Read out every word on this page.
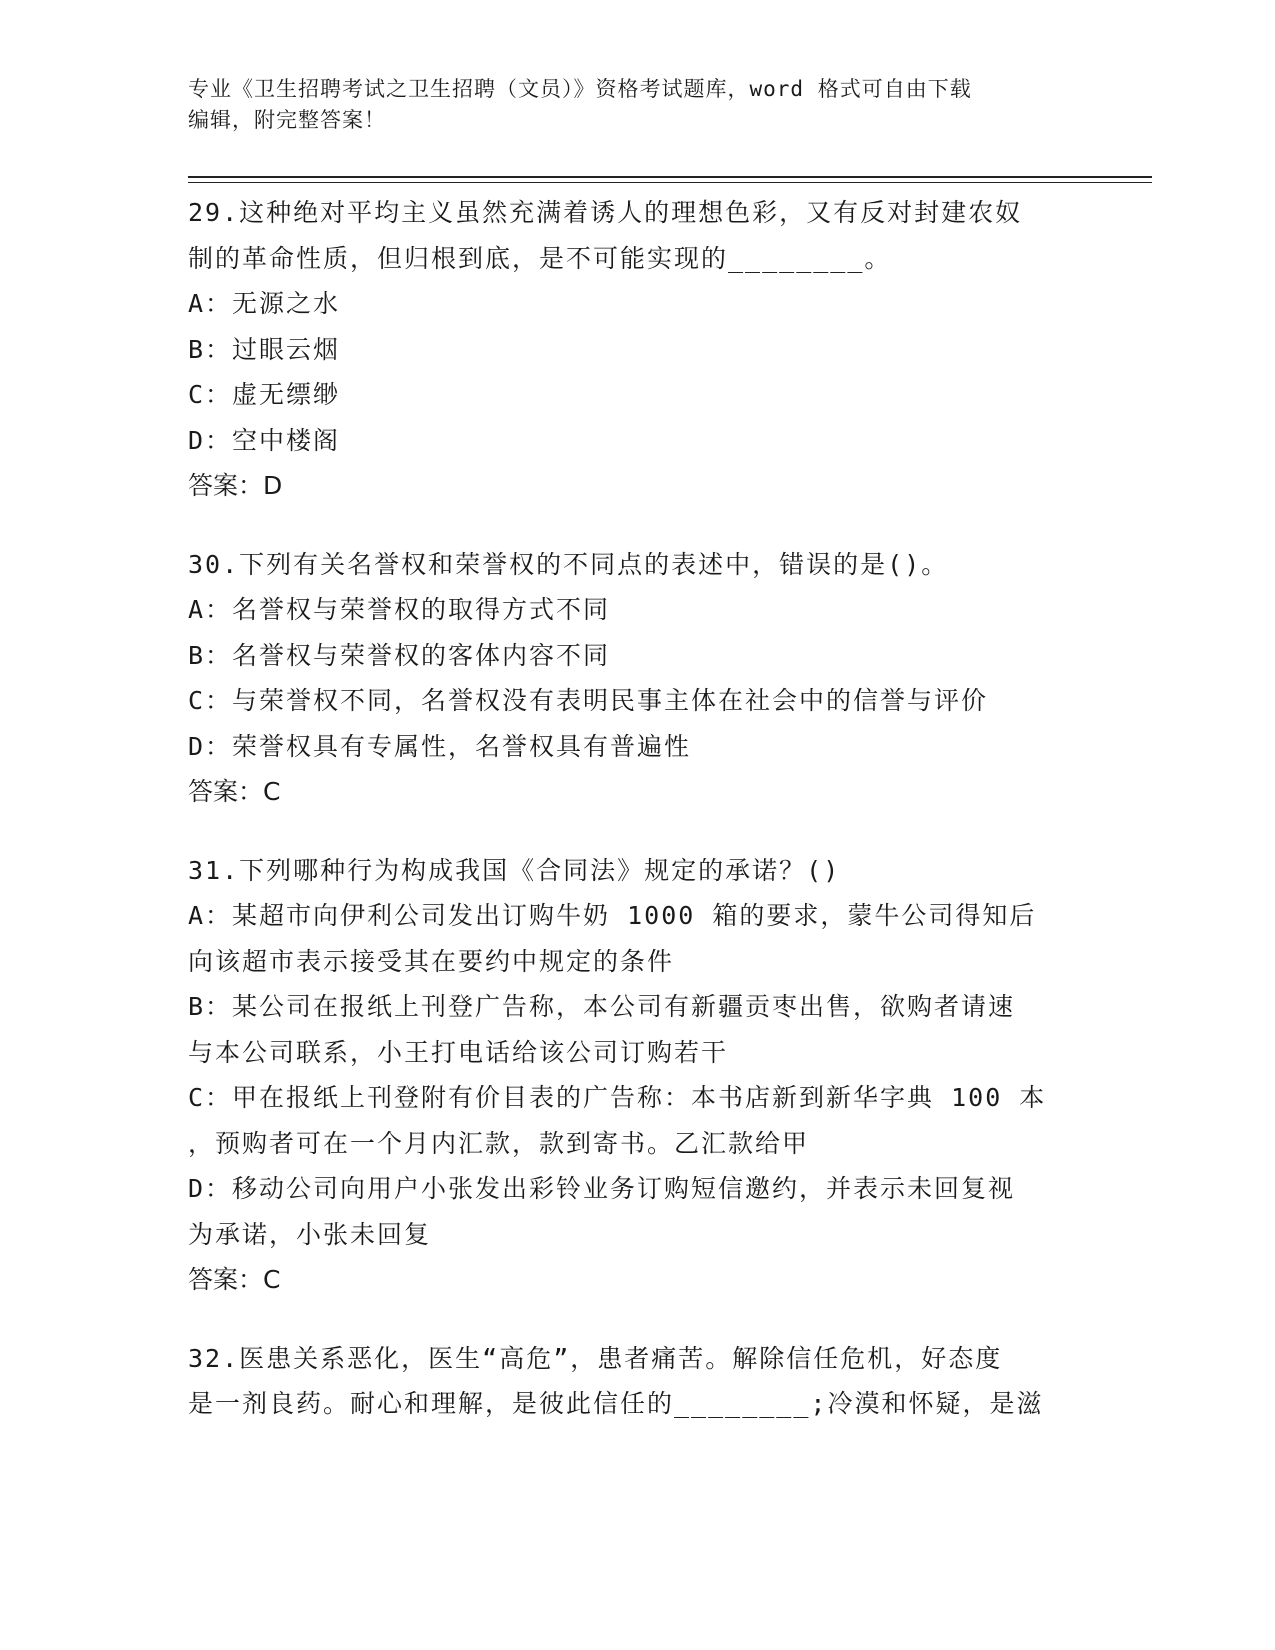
专业《卫生招聘考试之卫生招聘（文员）》资格考试题库，word 格式可自由下载
编辑，附完整答案！
29.这种绝对平均主义虽然充满着诱人的理想色彩，又有反对封建农奴
制的革命性质，但归根到底，是不可能实现的________。
A：无源之水
B：过眼云烟
C：虚无缥缈
D：空中楼阁
答案：D
30.下列有关名誉权和荣誉权的不同点的表述中，错误的是()。
A：名誉权与荣誉权的取得方式不同
B：名誉权与荣誉权的客体内容不同
C：与荣誉权不同，名誉权没有表明民事主体在社会中的信誉与评价
D：荣誉权具有专属性，名誉权具有普遍性
答案：C
31.下列哪种行为构成我国《合同法》规定的承诺？()
A：某超市向伊利公司发出订购牛奶 1000 箱的要求，蒙牛公司得知后
向该超市表示接受其在要约中规定的条件
B：某公司在报纸上刊登广告称，本公司有新疆贡枣出售，欲购者请速
与本公司联系，小王打电话给该公司订购若干
C：甲在报纸上刊登附有价目表的广告称：本书店新到新华字典 100 本
，预购者可在一个月内汇款，款到寄书。乙汇款给甲
D：移动公司向用户小张发出彩铃业务订购短信邀约，并表示未回复视
为承诺，小张未回复
答案：C
32.医患关系恶化，医生“高危”，患者痛苦。解除信任危机，好态度
是一剂良药。耐心和理解，是彼此信任的________;冷漠和怀疑，是滋
